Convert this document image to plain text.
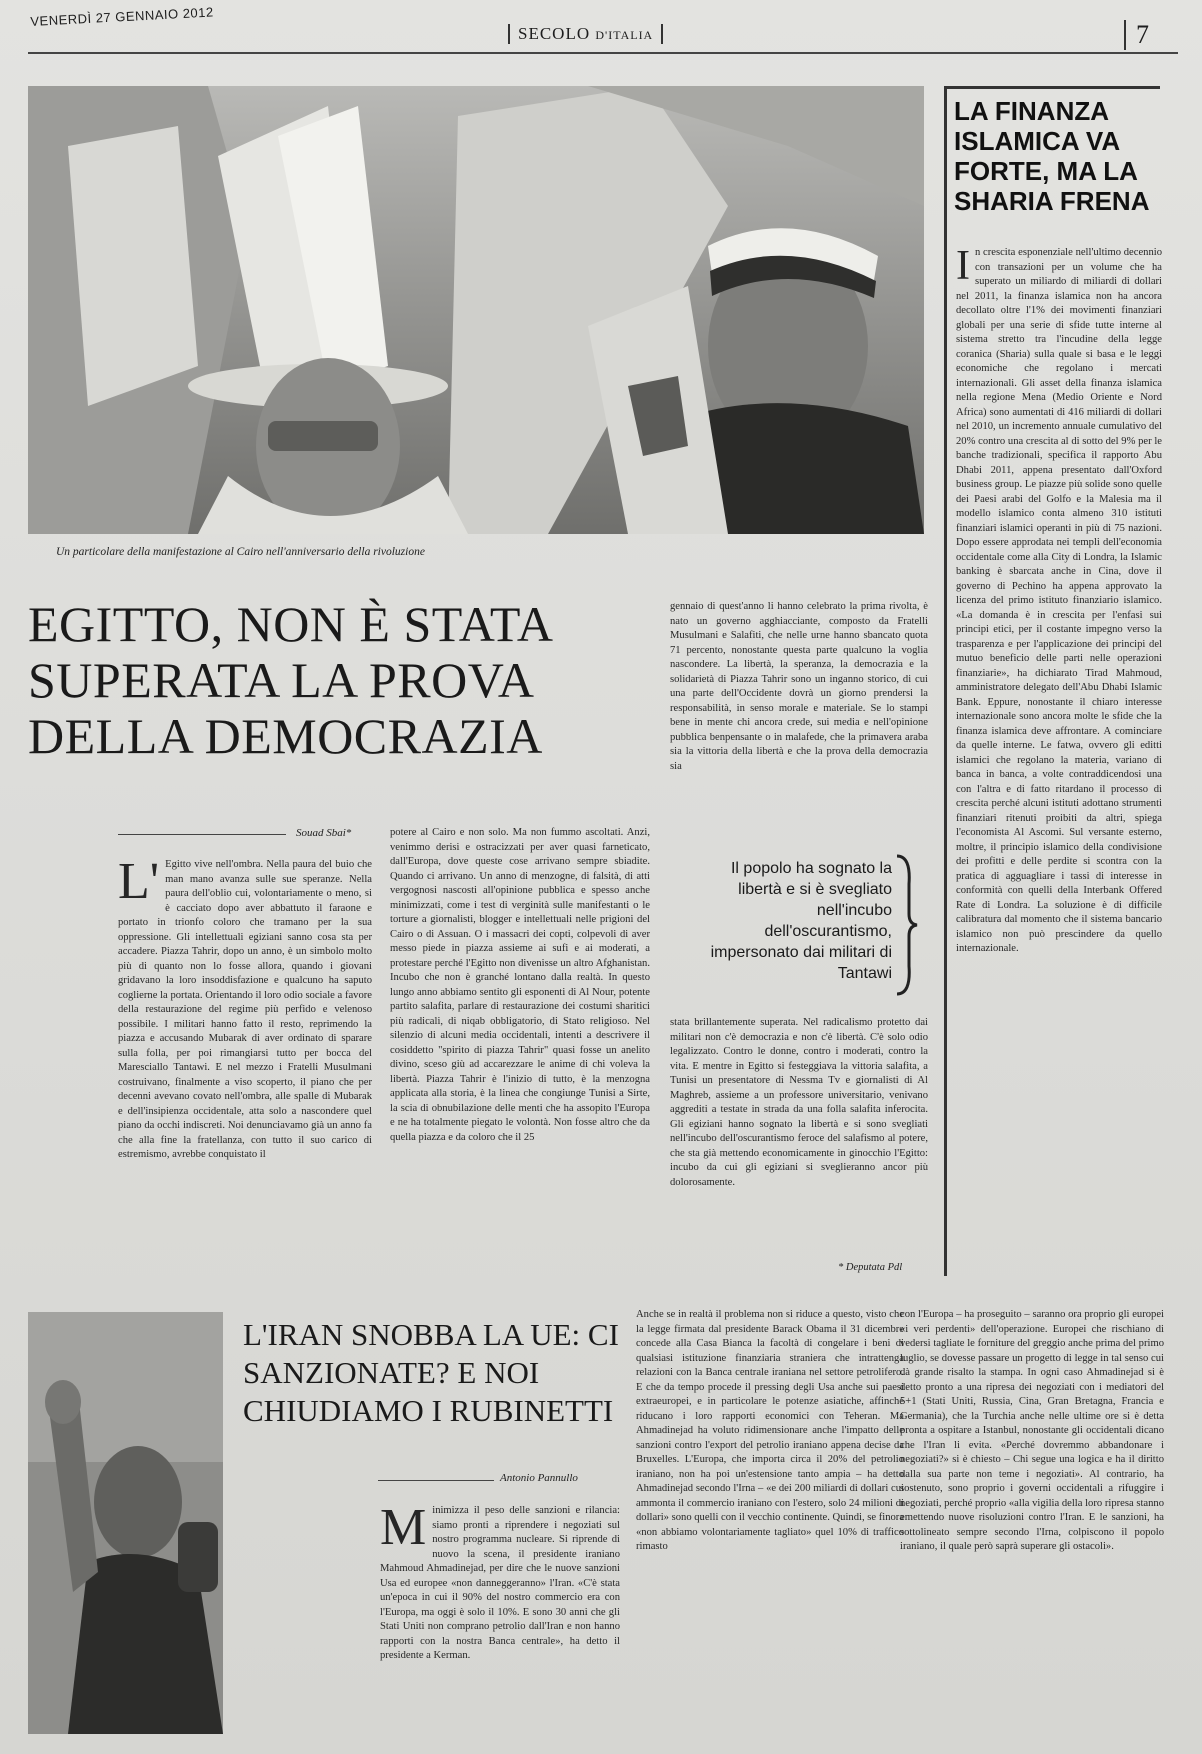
VENERDÌ 27 GENNAIO 2012
SECOLO D'ITALIA	7
Un particolare della manifestazione al Cairo nell'anniversario della rivoluzione
EGITTO, NON È STATA SUPERATA LA PROVA DELLA DEMOCRAZIA
Souad Sbai*
L' Egitto vive nell'ombra. Nella paura del buio che man mano avanza sulle sue speranze. Nella paura dell'oblio cui, volontariamente o meno, si è cacciato dopo aver abbattuto il faraone e portato in trionfo coloro che tramano per la sua oppressione. Gli intellettuali egiziani sanno cosa sta per accadere. Piazza Tahrir, dopo un anno, è un simbolo molto più di quanto non lo fosse allora, quando i giovani gridavano la loro insoddisfazione e qualcuno ha saputo coglierne la portata. Orientando il loro odio sociale a favore della restaurazione del regime più perfido e velenoso possibile. I militari hanno fatto il resto, reprimendo la piazza e accusando Mubarak di aver ordinato di sparare sulla folla, per poi rimangiarsi tutto per bocca del Maresciallo Tantawi. E nel mezzo i Fratelli Musulmani costruivano, finalmente a viso scoperto, il piano che per decenni avevano covato nell'ombra, alle spalle di Mubarak e dell'insipienza occidentale, atta solo a nascondere quel piano da occhi indiscreti. Noi denunciavamo già un anno fa che alla fine la fratellanza, con tutto il suo carico di estremismo, avrebbe conquistato il
potere al Cairo e non solo. Ma non fummo ascoltati. Anzi, venimmo derisi e ostracizzati per aver quasi farneticato, dall'Europa, dove queste cose arrivano sempre sbiadite. Quando ci arrivano. Un anno di menzogne, di falsità, di atti vergognosi nascosti all'opinione pubblica e spesso anche minimizzati, come i test di verginità sulle manifestanti o le torture a giornalisti, blogger e intellettuali nelle prigioni del Cairo o di Assuan. O i massacri dei copti, colpevoli di aver messo piede in piazza assieme ai sufi e ai moderati, a protestare perché l'Egitto non divenisse un altro Afghanistan. Incubo che non è granché lontano dalla realtà. In questo lungo anno abbiamo sentito gli esponenti di Al Nour, potente partito salafita, parlare di restaurazione dei costumi sharitici più radicali, di niqab obbligatorio, di Stato religioso. Nel silenzio di alcuni media occidentali, intenti a descrivere il cosiddetto "spirito di piazza Tahrir" quasi fosse un anelito divino, sceso giù ad accarezzare le anime di chi voleva la libertà. Piazza Tahrir è l'inizio di tutto, è la menzogna applicata alla storia, è la linea che congiunge Tunisi a Sirte, la scia di obnubilazione delle menti che ha assopito l'Europa e ne ha totalmente piegato le volontà. Non fosse altro che da quella piazza e da coloro che il 25
gennaio di quest'anno li hanno celebrato la prima rivolta, è nato un governo agghiacciante, composto da Fratelli Musulmani e Salafiti, che nelle urne hanno sbancato quota 71 percento, nonostante questa parte qualcuno la voglia nascondere. La libertà, la speranza, la democrazia e la solidarietà di Piazza Tahrir sono un inganno storico, di cui una parte dell'Occidente dovrà un giorno prendersi la responsabilità, in senso morale e materiale. Se lo stampi bene in mente chi ancora crede, sui media e nell'opinione pubblica benpensante o in malafede, che la primavera araba sia la vittoria della libertà e che la prova della democrazia sia
Il popolo ha sognato la libertà e si è svegliato nell'incubo dell'oscurantismo, impersonato dai militari di Tantawi
stata brillantemente superata. Nel radicalismo protetto dai militari non c'è democrazia e non c'è libertà. C'è solo odio legalizzato. Contro le donne, contro i moderati, contro la vita. E mentre in Egitto si festeggiava la vittoria salafita, a Tunisi un presentatore di Nessma Tv e giornalisti di Al Maghreb, assieme a un professore universitario, venivano aggrediti a testate in strada da una folla salafita inferocita. Gli egiziani hanno sognato la libertà e si sono svegliati nell'incubo dell'oscurantismo feroce del salafismo al potere, che sta già mettendo economicamente in ginocchio l'Egitto: incubo da cui gli egiziani si sveglieranno ancor più dolorosamente.
* Deputata Pdl
LA FINANZA ISLAMICA VA FORTE, MA LA SHARIA FRENA
In crescita esponenziale nell'ultimo decennio con transazioni per un volume che ha superato un miliardo di miliardi di dollari nel 2011, la finanza islamica non ha ancora decollato oltre l'1% dei movimenti finanziari globali per una serie di sfide tutte interne al sistema stretto tra l'incudine della legge coranica (Sharia) sulla quale si basa e le leggi economiche che regolano i mercati internazionali. Gli asset della finanza islamica nella regione Mena (Medio Oriente e Nord Africa) sono aumentati di 416 miliardi di dollari nel 2010, un incremento annuale cumulativo del 20% contro una crescita al di sotto del 9% per le banche tradizionali, specifica il rapporto Abu Dhabi 2011, appena presentato dall'Oxford business group. Le piazze più solide sono quelle dei Paesi arabi del Golfo e la Malesia ma il modello islamico conta almeno 310 istituti finanziari islamici operanti in più di 75 nazioni. Dopo essere approdata nei templi dell'economia occidentale come alla City di Londra, la Islamic banking è sbarcata anche in Cina, dove il governo di Pechino ha appena approvato la licenza del primo istituto finanziario islamico. «La domanda è in crescita per l'enfasi sui principi etici, per il costante impegno verso la trasparenza e per l'applicazione dei principi del mutuo beneficio delle parti nelle operazioni finanziarie», ha dichiarato Tirad Mahmoud, amministratore delegato dell'Abu Dhabi Islamic Bank. Eppure, nonostante il chiaro interesse internazionale sono ancora molte le sfide che la finanza islamica deve affrontare. A cominciare da quelle interne. Le fatwa, ovvero gli editti islamici che regolano la materia, variano di banca in banca, a volte contraddicendosi una con l'altra e di fatto ritardano il processo di crescita perché alcuni istituti adottano strumenti finanziari ritenuti proibiti da altri, spiega l'economista Al Ascomi. Sul versante esterno, moltre, il principio islamico della condivisione dei profitti e delle perdite si scontra con la pratica di agguagliare i tassi di interesse in conformità con quelli della Interbank Offered Rate di Londra. La soluzione è di difficile calibratura dal momento che il sistema bancario islamico non può prescindere da quello internazionale.
L'IRAN SNOBBA LA UE: CI SANZIONATE? E NOI CHIUDIAMO I RUBINETTI
Antonio Pannullo
Minimizza il peso delle sanzioni e rilancia: siamo pronti a riprendere i negoziati sul nostro programma nucleare. Si riprende di nuovo la scena, il presidente iraniano Mahmoud Ahmadinejad, per dire che le nuove sanzioni Usa ed europee «non danneggeranno» l'Iran. «C'è stata un'epoca in cui il 90% del nostro commercio era con l'Europa, ma oggi è solo il 10%. E sono 30 anni che gli Stati Uniti non comprano petrolio dall'Iran e non hanno rapporti con la nostra Banca centrale», ha detto il presidente a Kerman.
Anche se in realtà il problema non si riduce a questo, visto che la legge firmata dal presidente Barack Obama il 31 dicembre concede alla Casa Bianca la facoltà di congelare i beni di qualsiasi istituzione finanziaria straniera che intrattenga relazioni con la Banca centrale iraniana nel settore petrolifero. E che da tempo procede il pressing degli Usa anche sui paesi extraeuropei, e in particolare le potenze asiatiche, affinché riducano i loro rapporti economici con Teheran. Ma Ahmadinejad ha voluto ridimensionare anche l'impatto delle sanzioni contro l'export del petrolio iraniano appena decise da Bruxelles. L'Europa, che importa circa il 20% del petrolio iraniano, non ha poi un'estensione tanto ampia – ha detto Ahmadinejad secondo l'Irna – «e dei 200 miliardi di dollari cui ammonta il commercio iraniano con l'estero, solo 24 milioni di dollari» sono quelli con il vecchio continente. Quindi, se finora «non abbiamo volontariamente tagliato» quel 10% di traffico rimasto
con l'Europa – ha proseguito – saranno ora proprio gli europei «i veri perdenti» dell'operazione. Europei che rischiano di vedersi tagliate le forniture del greggio anche prima del primo luglio, se dovesse passare un progetto di legge in tal senso cui dà grande risalto la stampa. In ogni caso Ahmadinejad si è detto pronto a una ripresa dei negoziati con i mediatori del 5+1 (Stati Uniti, Russia, Cina, Gran Bretagna, Francia e Germania), che la Turchia anche nelle ultime ore si è detta pronta a ospitare a Istanbul, nonostante gli occidentali dicano che l'Iran li evita. «Perché dovremmo abbandonare i negoziati?» si è chiesto – Chi segue una logica e ha il diritto dalla sua parte non teme i negoziati». Al contrario, ha sostenuto, sono proprio i governi occidentali a rifuggire i negoziati, perché proprio «alla vigilia della loro ripresa stanno emettendo nuove risoluzioni contro l'Iran. E le sanzioni, ha sottolineato sempre secondo l'Irna, colpiscono il popolo iraniano, il quale però saprà superare gli ostacoli».
